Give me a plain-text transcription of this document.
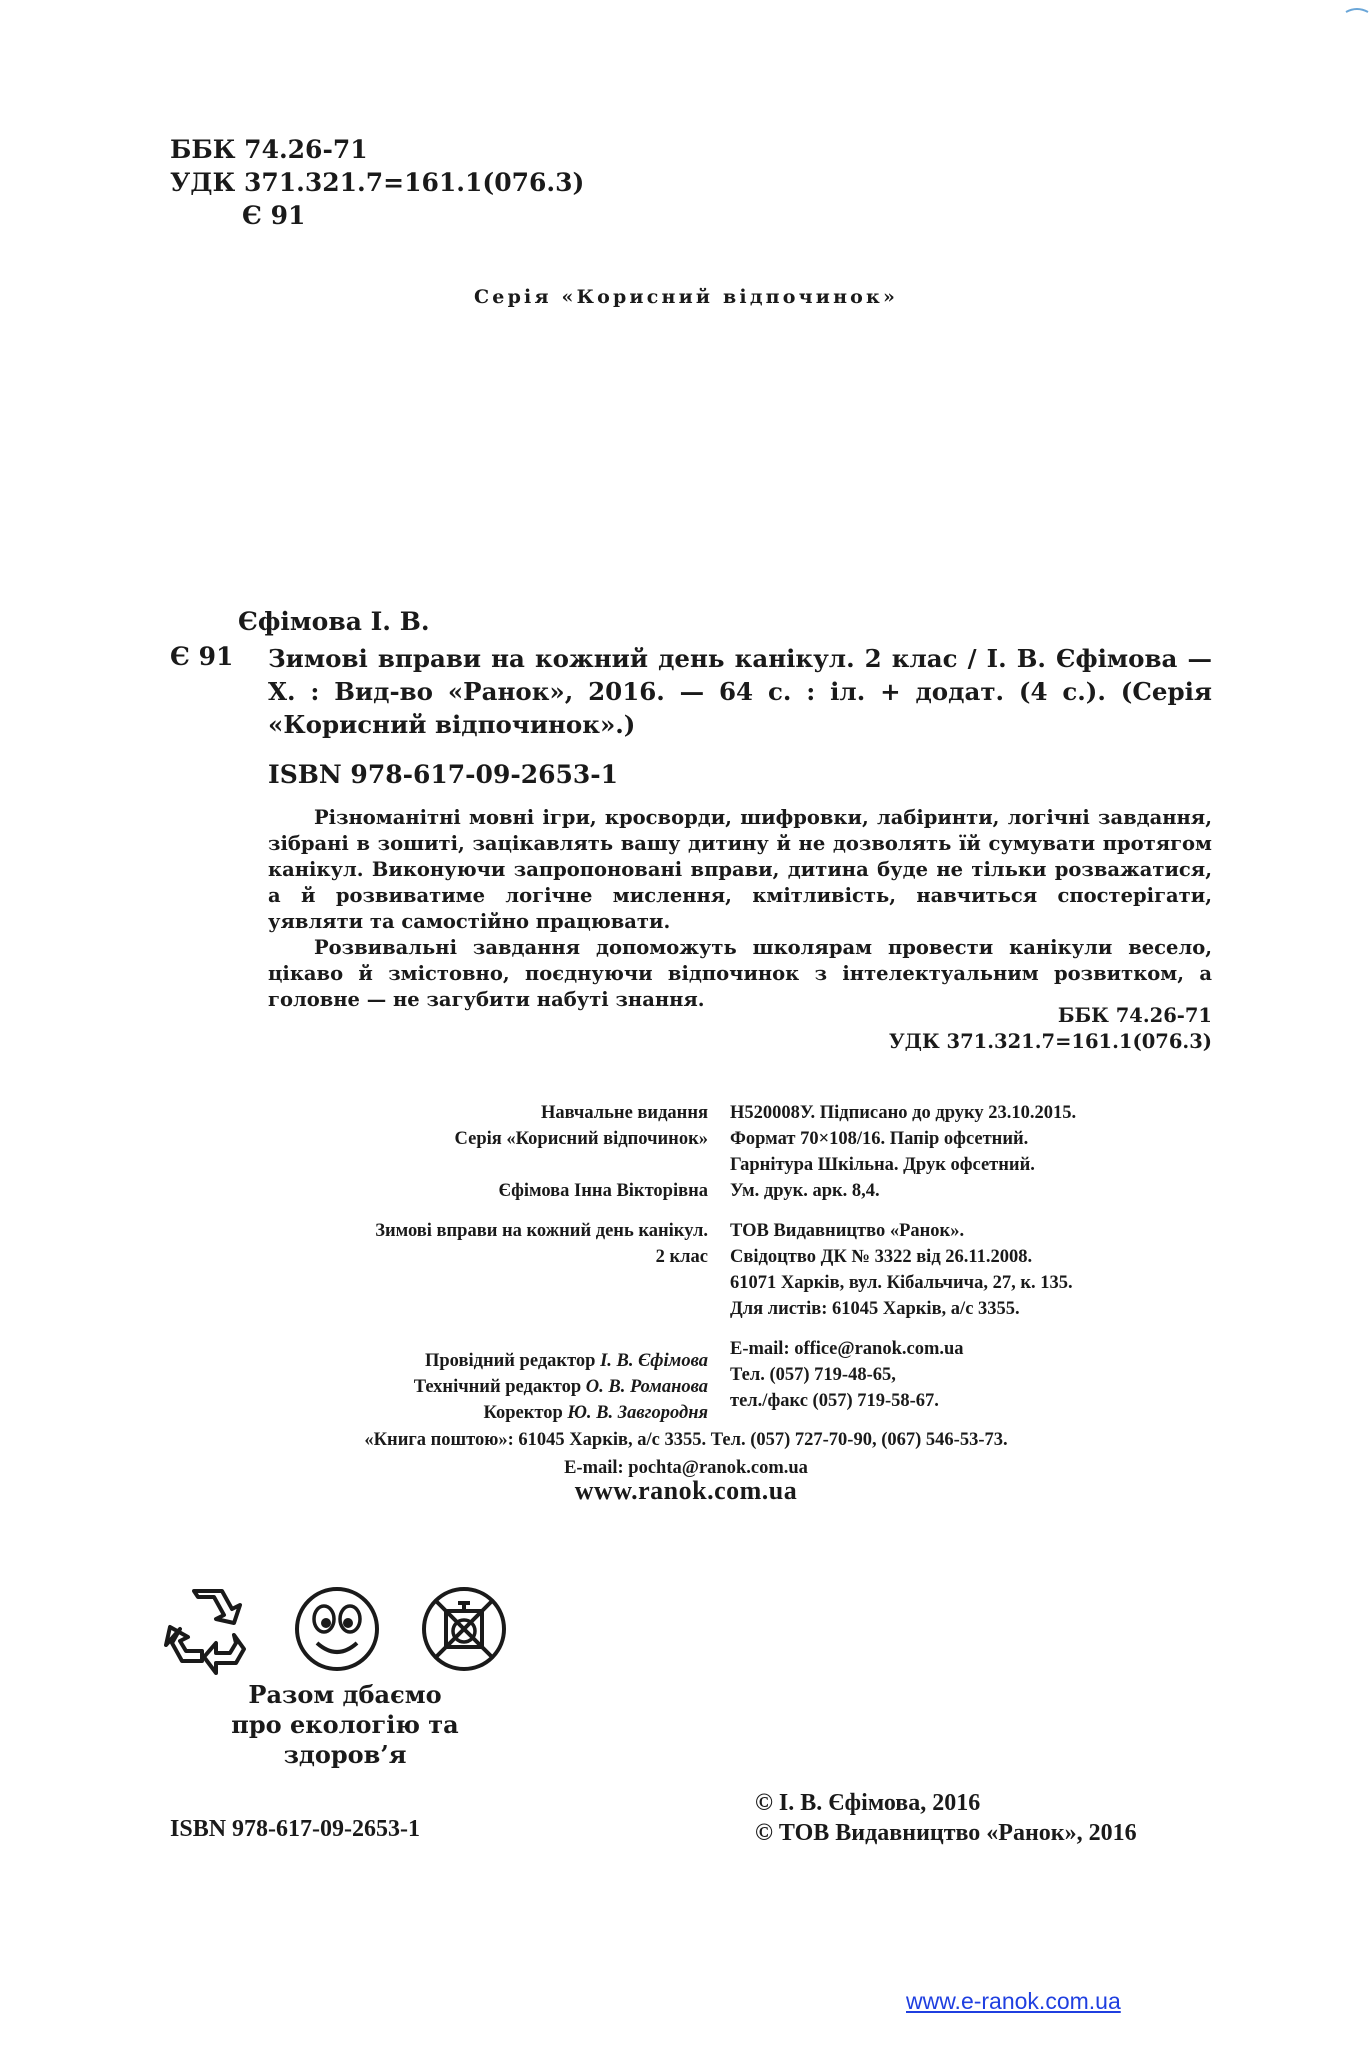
ББК 74.26-71
УДК 371.321.7=161.1(076.3)
Є 91
Серія «Корисний відпочинок»
Єфімова І. В.
Є 91 Зимові вправи на кожний день канікул. 2 клас / І. В. Єфімова — Х. : Вид-во «Ранок», 2016. — 64 с. : іл. + додат. (4 с.). (Серія «Корисний відпочинок».)
ISBN 978-617-09-2653-1

Різноманітні мовні ігри, кросворди, шифровки, лабіринти, логічні завдання, зібрані в зошиті, зацікавлять вашу дитину й не дозволять їй сумувати протягом канікул. Виконуючи запропоновані вправи, дитина буде не тільки розважатися, а й розвиватиме логічне мислення, кмітливість, навчиться спостерігати, уявляти та самостійно працювати.

Розвивальні завдання допоможуть школярам провести канікули весело, цікаво й змістовно, поєднуючи відпочинок з інтелектуальним розвитком, а головне — не загубити набуті знання.

ББК 74.26-71
УДК 371.321.7=161.1(076.3)
Навчальне видання
Серія «Корисний відпочинок»
Єфімова Інна Вікторівна
Зимові вправи на кожний день канікул.
2 клас
Провідний редактор І. В. Єфімова
Технічний редактор О. В. Романова
Коректор Ю. В. Завгородня
Н520008У. Підписано до друку 23.10.2015.
Формат 70×108/16. Папір офсетний.
Гарнітура Шкільна. Друк офсетний.
Ум. друк. арк. 8,4.
ТОВ Видавництво «Ранок».
Свідоцтво ДК № 3322 від 26.11.2008.
61071 Харків, вул. Кібальчича, 27, к. 135.
Для листів: 61045 Харків, а/с 3355.
E-mail: office@ranok.com.ua
Тел. (057) 719-48-65,
тел./факс (057) 719-58-67.
«Книга поштою»: 61045 Харків, а/с 3355. Тел. (057) 727-70-90, (067) 546-53-73.
E-mail: pochta@ranok.com.ua
www.ranok.com.ua

Разом дбаємо
про екологію та здоров’я
ISBN 978-617-09-2653-1
© І. В. Єфімова, 2016
© ТОВ Видавництво «Ранок», 2016
www.e-ranok.com.ua
